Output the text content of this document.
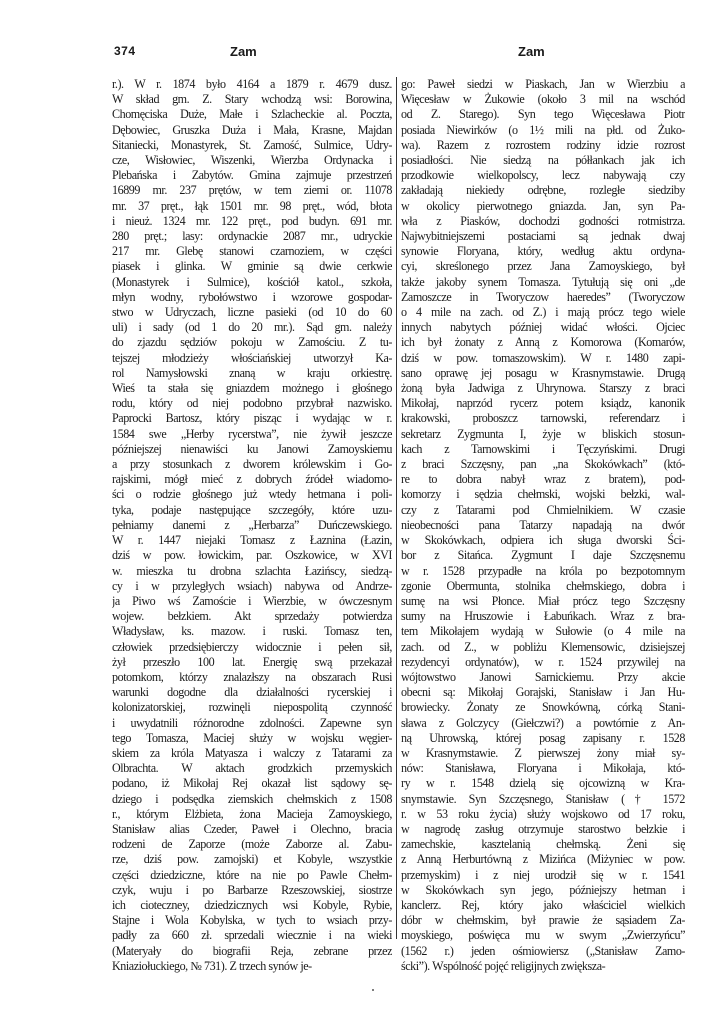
374	Zam	Zam
r.). W r. 1874 było 4164 a 1879 r. 4679 dusz.
W skład gm. Z. Stary wchodzą wsi: Borowina,
Chomęciska Duże, Małe i Szlacheckie al. Poczta,
Dębowiec, Gruszka Duża i Mała, Krasne, Majdan
Sitaniecki, Monastyrek, St. Zamość, Sulmice, Udry-
cze, Wisłowiec, Wiszenki, Wierzba Ordynacka i
Plebańska i Zabytów. Gmina zajmuje przestrzeń
16899 mr. 237 prętów, w tem ziemi or. 11078
mr. 37 pręt., łąk 1501 mr. 98 pręt., wód, błota
i nieuż. 1324 mr. 122 pręt., pod budyn. 691 mr.
280 pręt.; lasy: ordynackie 2087 mr., udryckie
217 mr. Glebę stanowi czarnoziem, w części
piasek i glinka. W gminie są dwie cerkwie
(Monastyrek i Sulmice), kościół katol., szkoła,
młyn wodny, rybołówstwo i wzorowe gospodar-
stwo w Udryczach, liczne pasieki (od 10 do 60
uli) i sady (od 1 do 20 mr.). Sąd gm. należy
do zjazdu sędziów pokoju w Zamościu. Z tu-
tejszej młodzieży włościańskiej utworzył Ka-
rol Namysłowski znaną w kraju orkiestrę.
Wieś ta stała się gniazdem możnego i głośnego
rodu, który od niej podobno przybrał nazwisko.
Paprocki Bartosz, który pisząc i wydając w r.
1584 swe „Herby rycerstwa”, nie żywił jeszcze
późniejszej nienawiści ku Janowi Zamoyskiemu
a przy stosunkach z dworem królewskim i Go-
rajskimi, mógł mieć z dobrych źródeł wiadomo-
ści o rodzie głośnego już wtedy hetmana i poli-
tyka, podaje następujące szczegóły, które uzu-
pełniamy danemi z „Herbarza” Duńczewskiego.
W r. 1447 niejaki Tomasz z Łaznina (Łazin,
dziś w pow. łowickim, par. Oszkowice, w XVI
w. mieszka tu drobna szlachta Łazińscy, siedzą-
cy i w przyległych wsiach) nabywa od Andrze-
ja Piwo wś Zamoście i Wierzbie, w ówczesnym
wojew. bełzkiem. Akt sprzedaży potwierdza
Władysław, ks. mazow. i ruski. Tomasz ten,
człowiek przedsiębierczy widocznie i pełen sił,
żył przeszło 100 lat. Energię swą przekazał
potomkom, którzy znalazłszy na obszarach Rusi
warunki dogodne dla działalności rycerskiej i
kolonizatorskiej, rozwinęli niepospolitą czynność
i uwydatnili różnorodne zdolności. Zapewne syn
tego Tomasza, Maciej służy w wojsku węgier-
skiem za króla Matyasza i walczy z Tatarami za
Olbrachta. W aktach grodzkich przemyskich
podano, iż Mikołaj Rej okazał list sądowy sę-
dziego i podsędka ziemskich chełmskich z 1508
r., którym Elżbieta, żona Macieja Zamoyskiego,
Stanisław alias Czeder, Paweł i Olechno, bracia
rodzeni de Zaporze (może Zaborze al. Zabu-
rze, dziś pow. zamojski) et Kobyle, wszystkie
części dziedziczne, które na nie po Pawle Chełm-
czyk, wuju i po Barbarze Rzeszowskiej, siostrze
ich cioteczney, dziedzicznych wsi Kobyle, Rybie,
Stajne i Wola Kobylska, w tych to wsiach przy-
padły za 660 zł. sprzedali wiecznie i na wieki
(Materyały do biografii Reja, zebrane przez
Kniaziołuckiego, № 731). Z trzech synów je-
go: Paweł siedzi w Piaskach, Jan w Wierzbiu a
Więcesław w Żukowie (około 3 mil na wschód
od Z. Starego). Syn tego Więcesława Piotr
posiada Niewirków (o 1½ mili na płd. od Żuko-
wa). Razem z rozrostem rodziny idzie rozrost
posiadłości. Nie siedzą na półłankach jak ich
przodkowie wielkopolscy, lecz nabywają czy
zakładają niekiedy odrębne, rozległe siedziby
w okolicy pierwotnego gniazda. Jan, syn Pa-
wła z Piasków, dochodzi godności rotmistrza.
Najwybitniejszemi postaciami są jednak dwaj
synowie Floryana, który, według aktu ordyna-
cyi, skreślonego przez Jana Zamoyskiego, był
także jakoby synem Tomasza. Tytułują się oni „de
Zamoszcze in Tworyczow haeredes” (Tworyczow
o 4 mile na zach. od Z.) i mają prócz tego wiele
innych nabytych później widać włości. Ojciec
ich był żonaty z Anną z Komorowa (Komarów,
dziś w pow. tomaszowskim). W r. 1480 zapi-
sano oprawę jej posagu w Krasnymstawie. Drugą
żoną była Jadwiga z Uhrynowa. Starszy z braci
Mikołaj, naprzód rycerz potem ksiądz, kanonik
krakowski, proboszcz tarnowski, referendarz i
sekretarz Zygmunta I, żyje w bliskich stosun-
kach z Tarnowskimi i Tęczyńskimi. Drugi
z braci Szczęsny, pan „na Skokówkach” (któ-
re to dobra nabył wraz z bratem), pod-
komorzy i sędzia chełmski, wojski bełzki, wal-
czy z Tatarami pod Chmielnikiem. W czasie
nieobecności pana Tatarzy napadają na dwór
w Skokówkach, odpiera ich sługa dworski Ści-
bor z Sitańca. Zygmunt I daje Szczęsnemu
w r. 1528 przypadłe na króla po bezpotomnym
zgonie Obermunta, stolnika chełmskiego, dobra i
sumę na wsi Płonce. Miał prócz tego Szczęsny
sumy na Hruszowie i Łabuńkach. Wraz z bra-
tem Mikołajem wydają w Sułowie (o 4 mile na
zach. od Z., w pobliżu Klemensowic, dzisiejszej
rezydencyi ordynatów), w r. 1524 przywilej na
wójtowstwo Janowi Sarnickiemu. Przy akcie
obecni są: Mikołaj Gorajski, Stanisław i Jan Hu-
browiecky. Żonaty ze Snowkówną, córką Stani-
sława z Golczycy (Giełczwi?) a powtórnie z An-
ną Uhrowską, której posag zapisany r. 1528
w Krasnymstawie. Z pierwszej żony miał sy-
nów: Stanisława, Floryana i Mikołaja, któ-
ry w r. 1548 dzielą się ojcowizną w Kra-
snymstawie. Syn Szczęsnego, Stanisław († 1572
r. w 53 roku życia) służy wojskowo od 17 roku,
w nagrodę zasług otrzymuje starostwo bełzkie i
zamechskie, kasztelanią chełmską. Żeni się
z Anną Herburtówną z Mizińca (Miżyniec w pow.
przemyskim) i z niej urodził się w r. 1541
w Skokówkach syn jego, późniejszy hetman i
kanclerz. Rej, który jako właściciel wielkich
dóbr w chełmskim, był prawie że sąsiadem Za-
moyskiego, poświęca mu w swym „Zwierzyńcu”
(1562 r.) jeden ośmiowiersz („Stanisław Zamo-
ścki”). Wspólność pojęć religijnych zwiększa-
